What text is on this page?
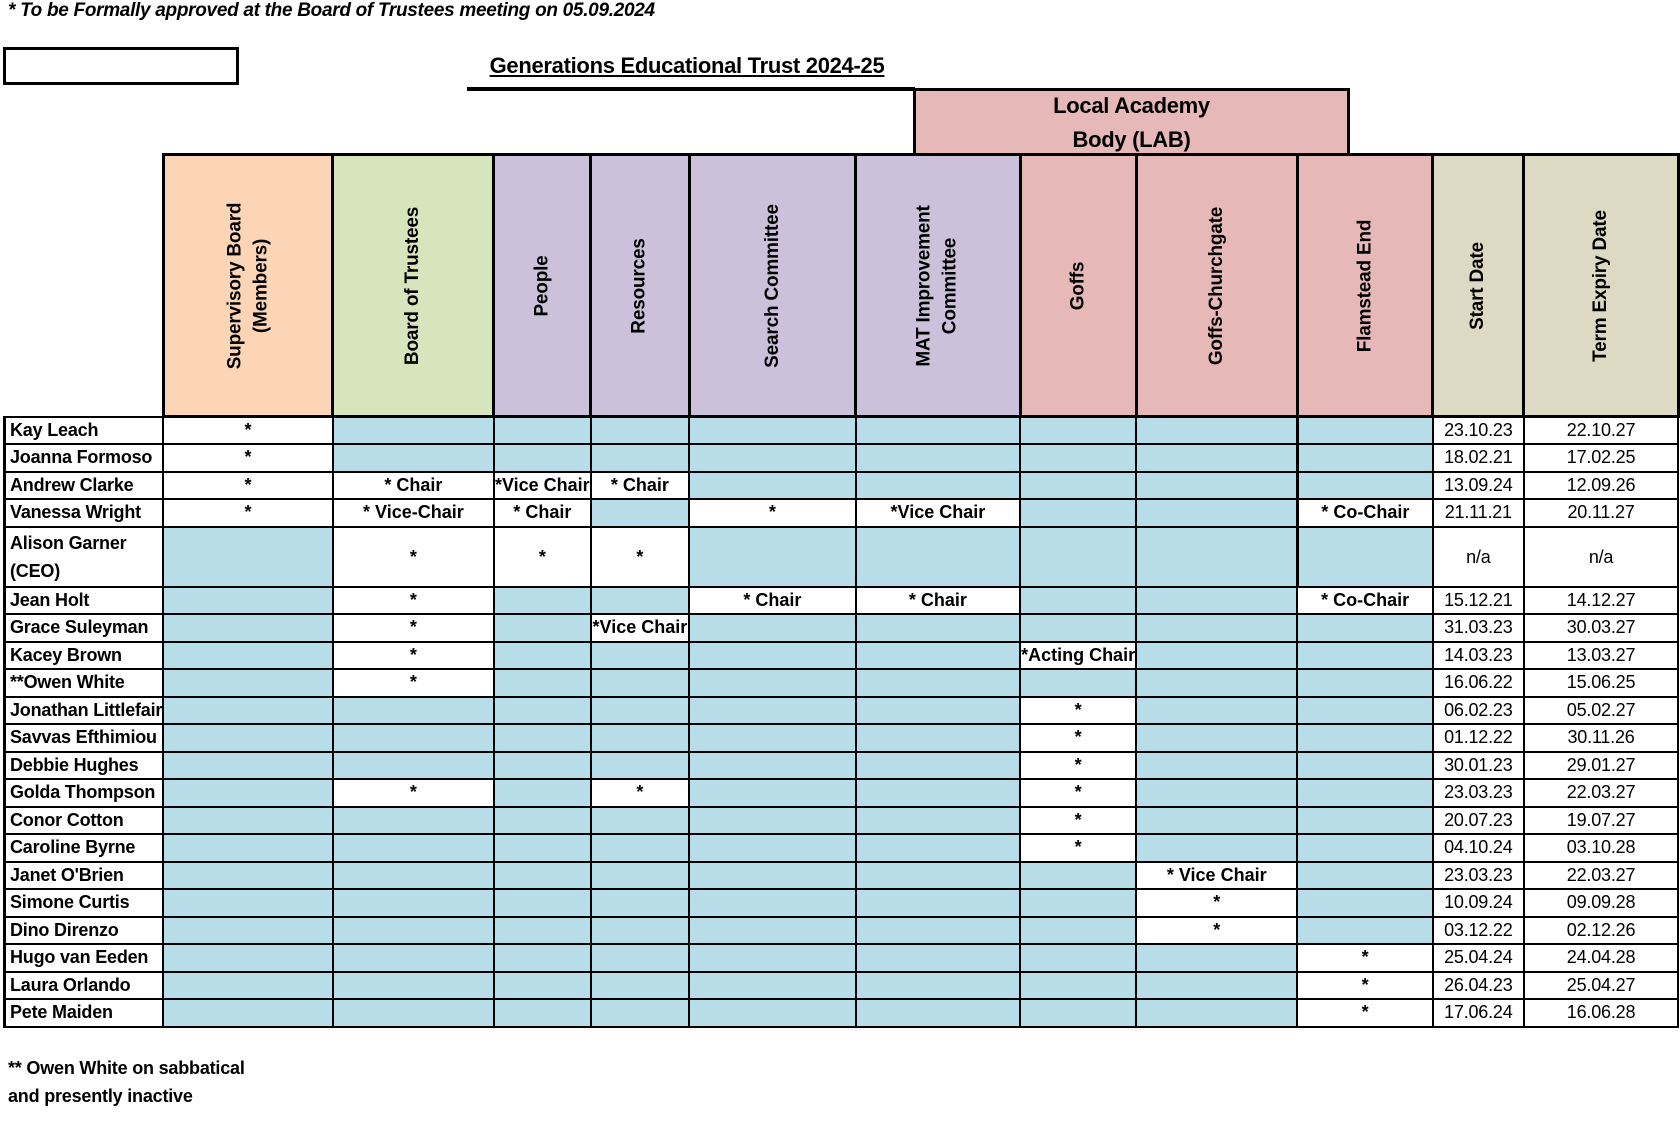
* To be Formally approved at the Board of Trustees meeting on 05.09.2024
Generations Educational Trust 2024-25
Local Academy
Body (LAB)

Supervisory Board (Members)	Board of Trustees	People	Resources	Search Committee	MAT Improvement Committee	Goffs	Goffs-Churchgate	Flamstead End	Start Date	Term Expiry Date

Kay Leach	*									23.10.23	22.10.27

Joanna Formoso	*									18.02.21	17.02.25

Andrew Clarke	*	* Chair	*Vice Chair	* Chair						13.09.24	12.09.26

Vanessa Wright	*	* Vice-Chair	* Chair		*	*Vice Chair			* Co-Chair	21.11.21	20.11.27

Alison Garner
(CEO)		*	*	*						n/a	n/a

Jean Holt		*			* Chair	* Chair			* Co-Chair	15.12.21	14.12.27

Grace Suleyman		*		*Vice Chair						31.03.23	30.03.27

Kacey Brown		*					*Acting Chair			14.03.23	13.03.27

**Owen White		*								16.06.22	15.06.25

Jonathan Littlefair							*			06.02.23	05.02.27

Savvas Efthimiou							*			01.12.22	30.11.26

Debbie Hughes							*			30.01.23	29.01.27

Golda Thompson		*		*			*			23.03.23	22.03.27

Conor Cotton							*			20.07.23	19.07.27

Caroline Byrne							*			04.10.24	03.10.28

Janet O'Brien								* Vice Chair		23.03.23	22.03.27

Simone Curtis								*		10.09.24	09.09.28

Dino Direnzo								*		03.12.22	02.12.26

Hugo van Eeden									*	25.04.24	24.04.28

Laura Orlando									*	26.04.23	25.04.27

Pete Maiden									*	17.06.24	16.06.28
** Owen White on sabbatical and presently inactive
